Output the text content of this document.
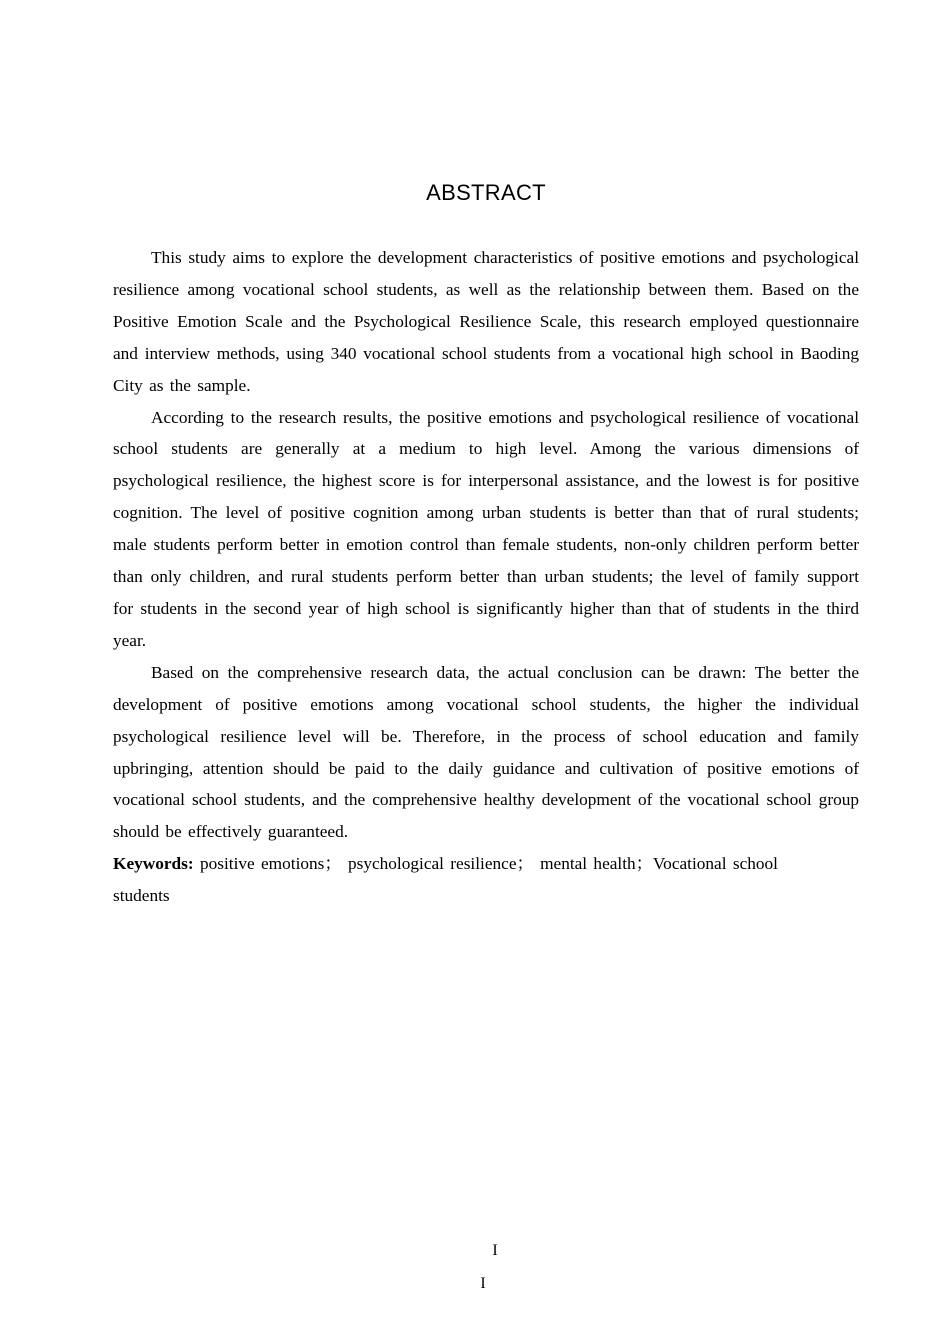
ABSTRACT

This study aims to explore the development characteristics of positive emotions and psychological resilience among vocational school students, as well as the relationship between them. Based on the Positive Emotion Scale and the Psychological Resilience Scale, this research employed questionnaire and interview methods, using 340 vocational school students from a vocational high school in Baoding City as the sample.

According to the research results, the positive emotions and psychological resilience of vocational school students are generally at a medium to high level. Among the various dimensions of psychological resilience, the highest score is for interpersonal assistance, and the lowest is for positive cognition. The level of positive cognition among urban students is better than that of rural students; male students perform better in emotion control than female students, non-only children perform better than only children, and rural students perform better than urban students; the level of family support for students in the second year of high school is significantly higher than that of students in the third year.

Based on the comprehensive research data, the actual conclusion can be drawn: The better the development of positive emotions among vocational school students, the higher the individual psychological resilience level will be. Therefore, in the process of school education and family upbringing, attention should be paid to the daily guidance and cultivation of positive emotions of vocational school students, and the comprehensive healthy development of the vocational school group should be effectively guaranteed.

Keywords: positive emotions； psychological resilience； mental health；Vocational school students
I
I
